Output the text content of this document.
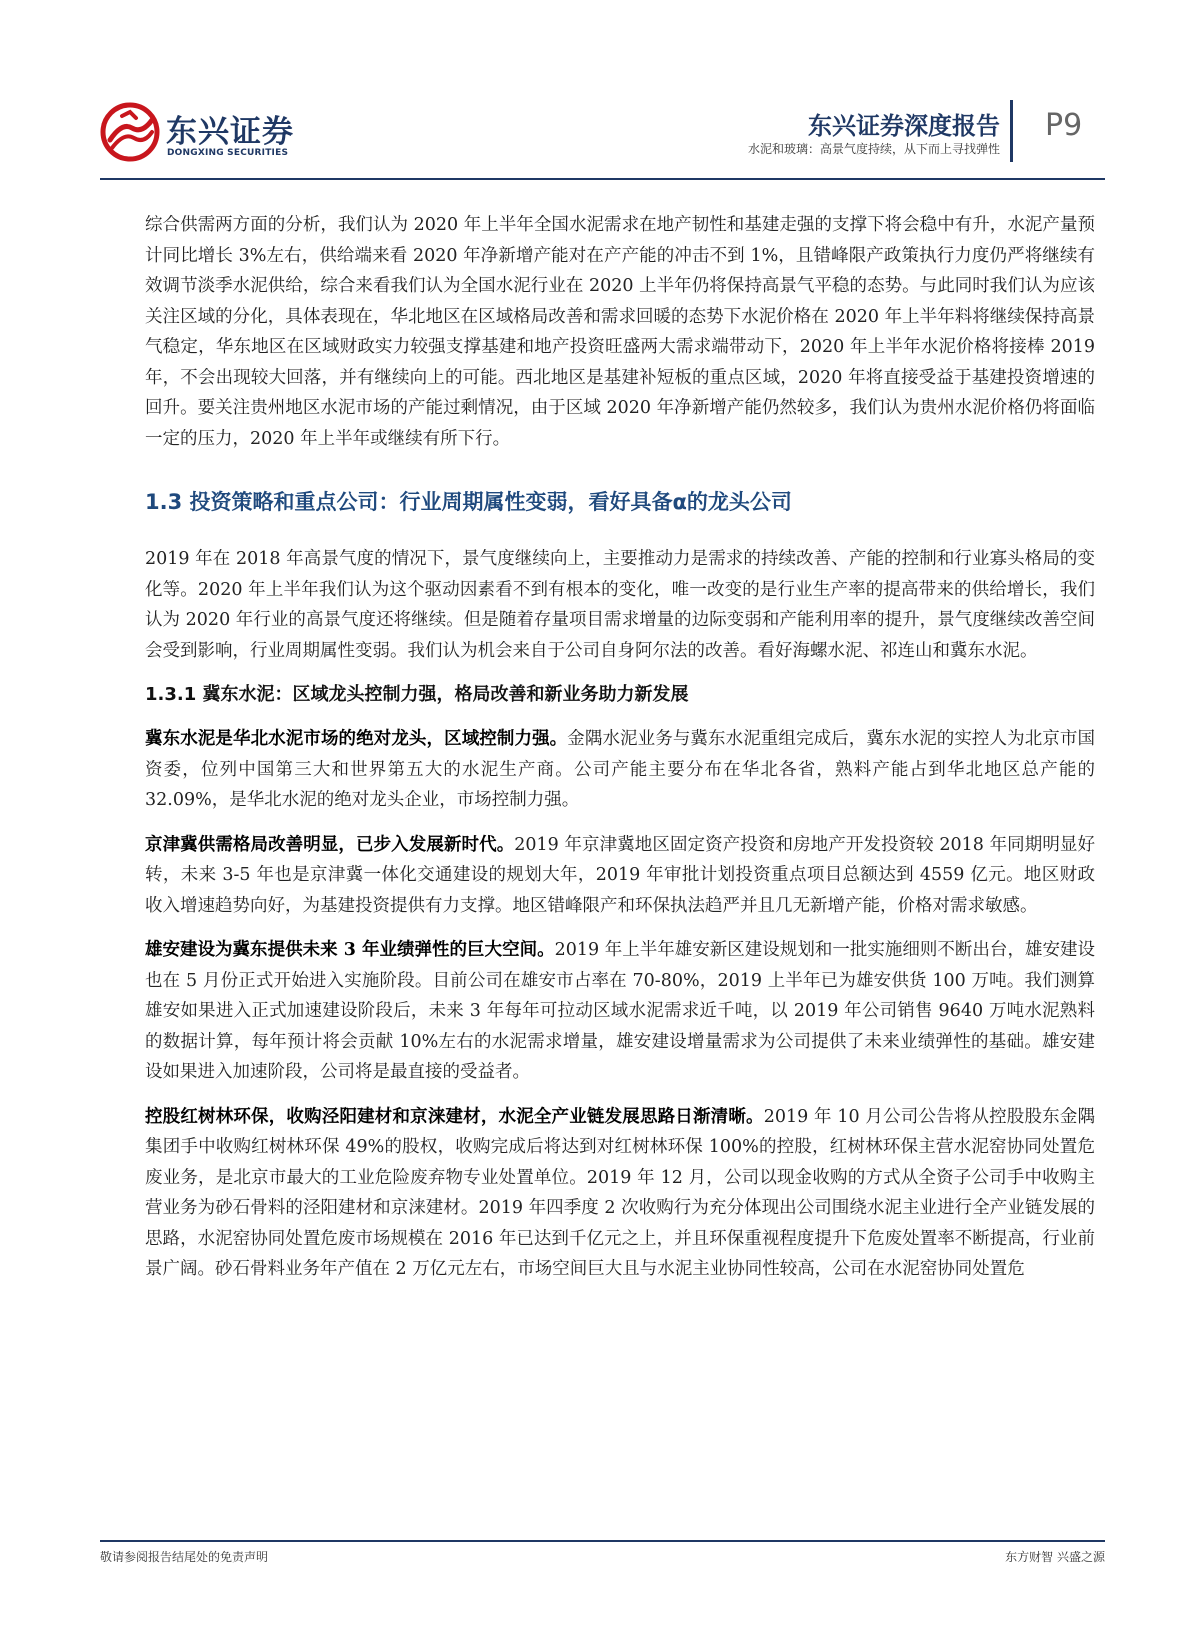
东兴证券
DONGXING SECURITIES
东兴证券深度报告
水泥和玻璃：高景气度持续，从下而上寻找弹性
P9

综合供需两方面的分析，我们认为 2020 年上半年全国水泥需求在地产韧性和基建走强的支撑下将会稳中有升，水泥产量预计同比增长 3%左右，供给端来看 2020 年净新增产能对在产产能的冲击不到 1%，且错峰限产政策执行力度仍严将继续有效调节淡季水泥供给，综合来看我们认为全国水泥行业在 2020 上半年仍将保持高景气平稳的态势。与此同时我们认为应该关注区域的分化，具体表现在，华北地区在区域格局改善和需求回暖的态势下水泥价格在 2020 年上半年料将继续保持高景气稳定，华东地区在区域财政实力较强支撑基建和地产投资旺盛两大需求端带动下，2020 年上半年水泥价格将接棒 2019 年，不会出现较大回落，并有继续向上的可能。西北地区是基建补短板的重点区域，2020 年将直接受益于基建投资增速的回升。要关注贵州地区水泥市场的产能过剩情况，由于区域 2020 年净新增产能仍然较多，我们认为贵州水泥价格仍将面临一定的压力，2020 年上半年或继续有所下行。

1.3 投资策略和重点公司：行业周期属性变弱，看好具备α的龙头公司

2019 年在 2018 年高景气度的情况下，景气度继续向上，主要推动力是需求的持续改善、产能的控制和行业寡头格局的变化等。2020 年上半年我们认为这个驱动因素看不到有根本的变化，唯一改变的是行业生产率的提高带来的供给增长，我们认为 2020 年行业的高景气度还将继续。但是随着存量项目需求增量的边际变弱和产能利用率的提升，景气度继续改善空间会受到影响，行业周期属性变弱。我们认为机会来自于公司自身阿尔法的改善。看好海螺水泥、祁连山和冀东水泥。

1.3.1 冀东水泥：区域龙头控制力强，格局改善和新业务助力新发展

冀东水泥是华北水泥市场的绝对龙头，区域控制力强。金隅水泥业务与冀东水泥重组完成后，冀东水泥的实控人为北京市国资委，位列中国第三大和世界第五大的水泥生产商。公司产能主要分布在华北各省，熟料产能占到华北地区总产能的 32.09%，是华北水泥的绝对龙头企业，市场控制力强。

京津冀供需格局改善明显，已步入发展新时代。2019 年京津冀地区固定资产投资和房地产开发投资较 2018 年同期明显好转，未来 3-5 年也是京津冀一体化交通建设的规划大年，2019 年审批计划投资重点项目总额达到 4559 亿元。地区财政收入增速趋势向好，为基建投资提供有力支撑。地区错峰限产和环保执法趋严并且几无新增产能，价格对需求敏感。

雄安建设为冀东提供未来 3 年业绩弹性的巨大空间。2019 年上半年雄安新区建设规划和一批实施细则不断出台，雄安建设也在 5 月份正式开始进入实施阶段。目前公司在雄安市占率在 70-80%，2019 上半年已为雄安供货 100 万吨。我们测算雄安如果进入正式加速建设阶段后，未来 3 年每年可拉动区域水泥需求近千吨，以 2019 年公司销售 9640 万吨水泥熟料的数据计算，每年预计将会贡献 10%左右的水泥需求增量，雄安建设增量需求为公司提供了未来业绩弹性的基础。雄安建设如果进入加速阶段，公司将是最直接的受益者。

控股红树林环保，收购泾阳建材和京涞建材，水泥全产业链发展思路日渐清晰。2019 年 10 月公司公告将从控股股东金隅集团手中收购红树林环保 49%的股权，收购完成后将达到对红树林环保 100%的控股，红树林环保主营水泥窑协同处置危废业务，是北京市最大的工业危险废弃物专业处置单位。2019 年 12 月，公司以现金收购的方式从全资子公司手中收购主营业务为砂石骨料的泾阳建材和京涞建材。2019 年四季度 2 次收购行为充分体现出公司围绕水泥主业进行全产业链发展的思路，水泥窑协同处置危废市场规模在 2016 年已达到千亿元之上，并且环保重视程度提升下危废处置率不断提高，行业前景广阔。砂石骨料业务年产值在 2 万亿元左右，市场空间巨大且与水泥主业协同性较高，公司在水泥窑协同处置危

敬请参阅报告结尾处的免责声明	东方财智 兴盛之源
